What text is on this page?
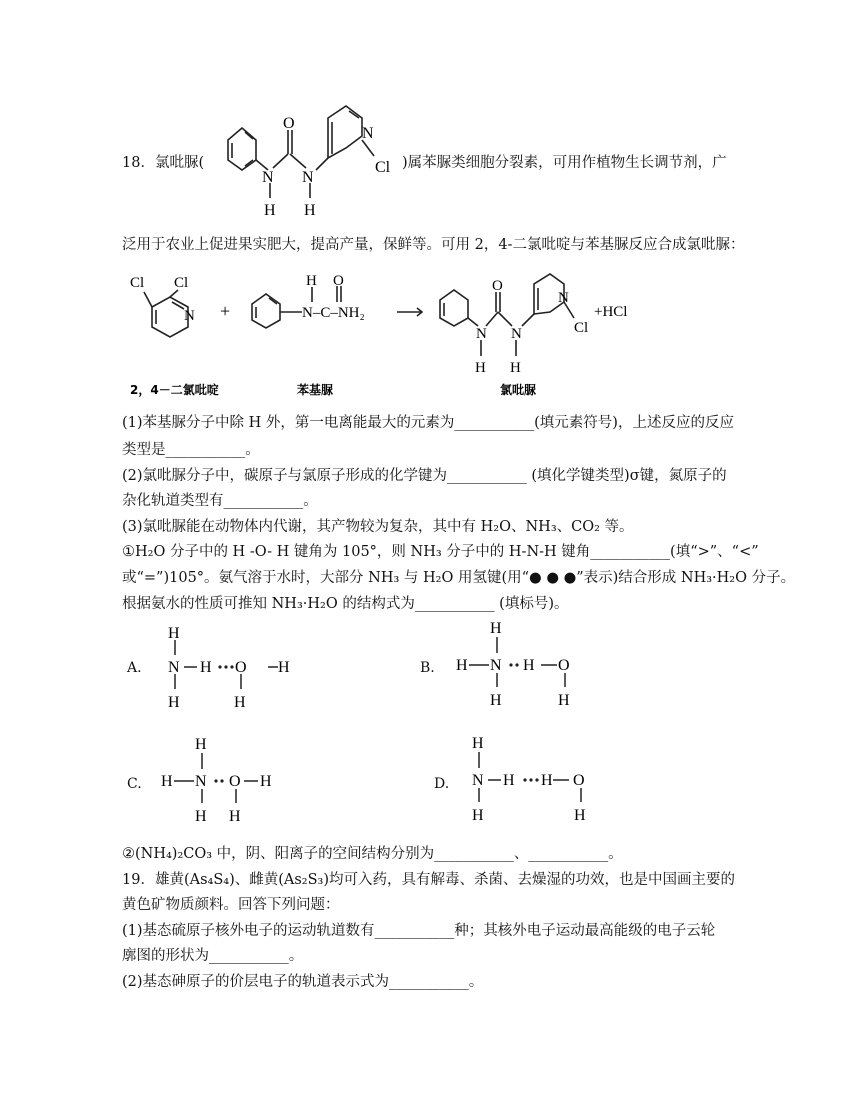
18．氯吡脲(
N N
O
H H
N
Cl )属苯脲类细胞分裂素，可用作植物生长调节剂，广
泛用于农业上促进果实肥大，提高产量，保鲜等。可用 2，4-二氯吡啶与苯基脲反应合成氯吡脲：
Cl Cl
N +
H O
N–C–NH₂
N N
O
H H
N
Cl
+HCl
2，4－二氯吡啶	苯基脲	氯吡脲
(1)苯基脲分子中除 H 外，第一电离能最大的元素为___________(填元素符号)，上述反应的反应
类型是___________。
(2)氯吡脲分子中，碳原子与氯原子形成的化学键为___________ (填化学键类型)σ键，氮原子的
杂化轨道类型有___________。
(3)氯吡脲能在动物体内代谢，其产物较为复杂，其中有 H₂O、NH₃、CO₂ 等。
①H₂O 分子中的 H -O- H 键角为 105°，则 NH₃ 分子中的 H-N-H 键角___________(填“>”、“<”
或“=”)105°。氨气溶于水时，大部分 NH₃ 与 H₂O 用氢键(用“● ● ●”表示)结合形成 NH₃·H₂O 分子。
根据氨水的性质可推知 NH₃·H₂O 的结构式为___________ (填标号)。
A.
H
N H O H
H	H
B.
H
H N H O
H	H
C.
H
H N O H
H H
D.
H
N H H O
H	H
②(NH₄)₂CO₃ 中，阴、阳离子的空间结构分别为___________、___________。
19．雄黄(As₄S₄)、雌黄(As₂S₃)均可入药，具有解毒、杀菌、去燥湿的功效，也是中国画主要的
黄色矿物质颜料。回答下列问题：
(1)基态硫原子核外电子的运动轨道数有___________种；其核外电子运动最高能级的电子云轮
廓图的形状为___________。
(2)基态砷原子的价层电子的轨道表示式为___________。
